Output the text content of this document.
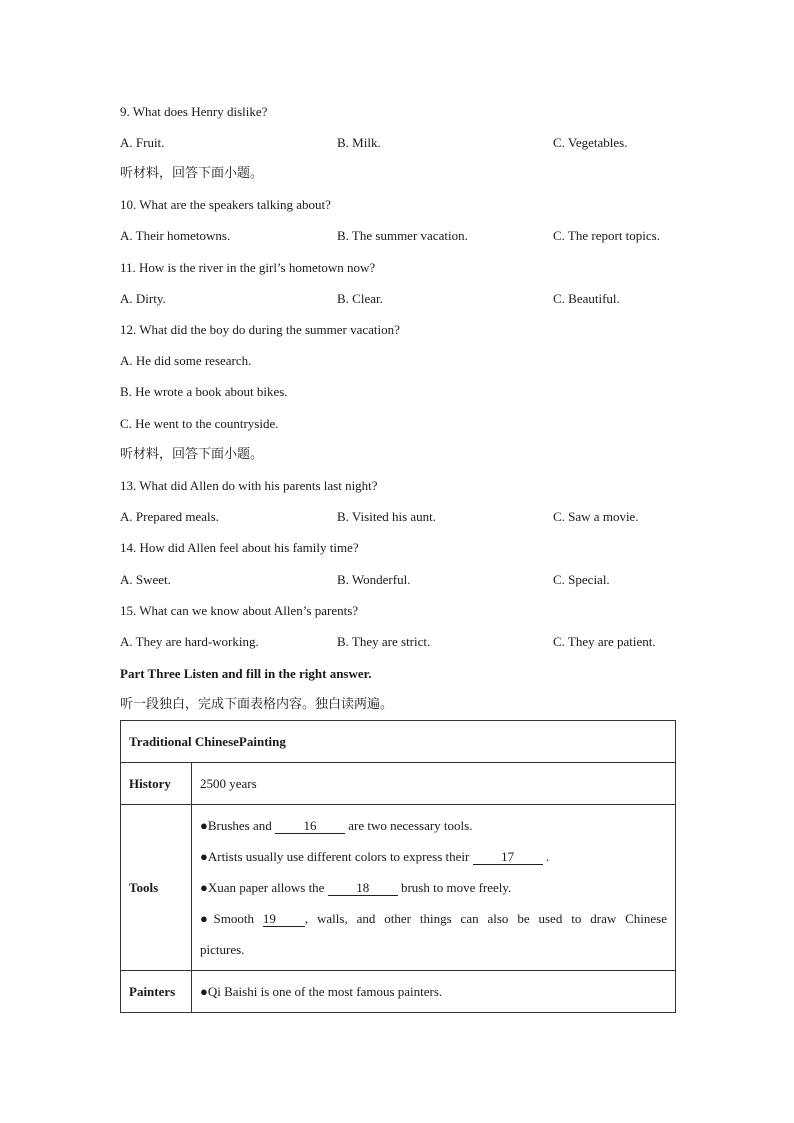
9. What does Henry dislike?
A. Fruit.	B. Milk.	C. Vegetables.
听材料，回答下面小题。
10. What are the speakers talking about?
A. Their hometowns.	B. The summer vacation.	C. The report topics.
11. How is the river in the girl’s hometown now?
A. Dirty.	B. Clear.	C. Beautiful.
12. What did the boy do during the summer vacation?
A. He did some research.
B. He wrote a book about bikes.
C. He went to the countryside.
听材料，回答下面小题。
13. What did Allen do with his parents last night?
A. Prepared meals.	B. Visited his aunt.	C. Saw a movie.
14. How did Allen feel about his family time?
A. Sweet.	B. Wonderful.	C. Special.
15. What can we know about Allen’s parents?
A. They are hard-working.	B. They are strict.	C. They are patient.
Part Three Listen and fill in the right answer.
听一段独白，完成下面表格内容。独白读两遍。
Traditional ChinesePainting	
History	2500 years
Tools	●Brushes and 16 are two necessary tools.
●Artists usually use different colors to express their 17 .
●Xuan paper allows the 18 brush to move freely.
●Smooth 19 , walls, and other things can also be used to draw Chinese
pictures.

Painters	●Qi Baishi is one of the most famous painters.
